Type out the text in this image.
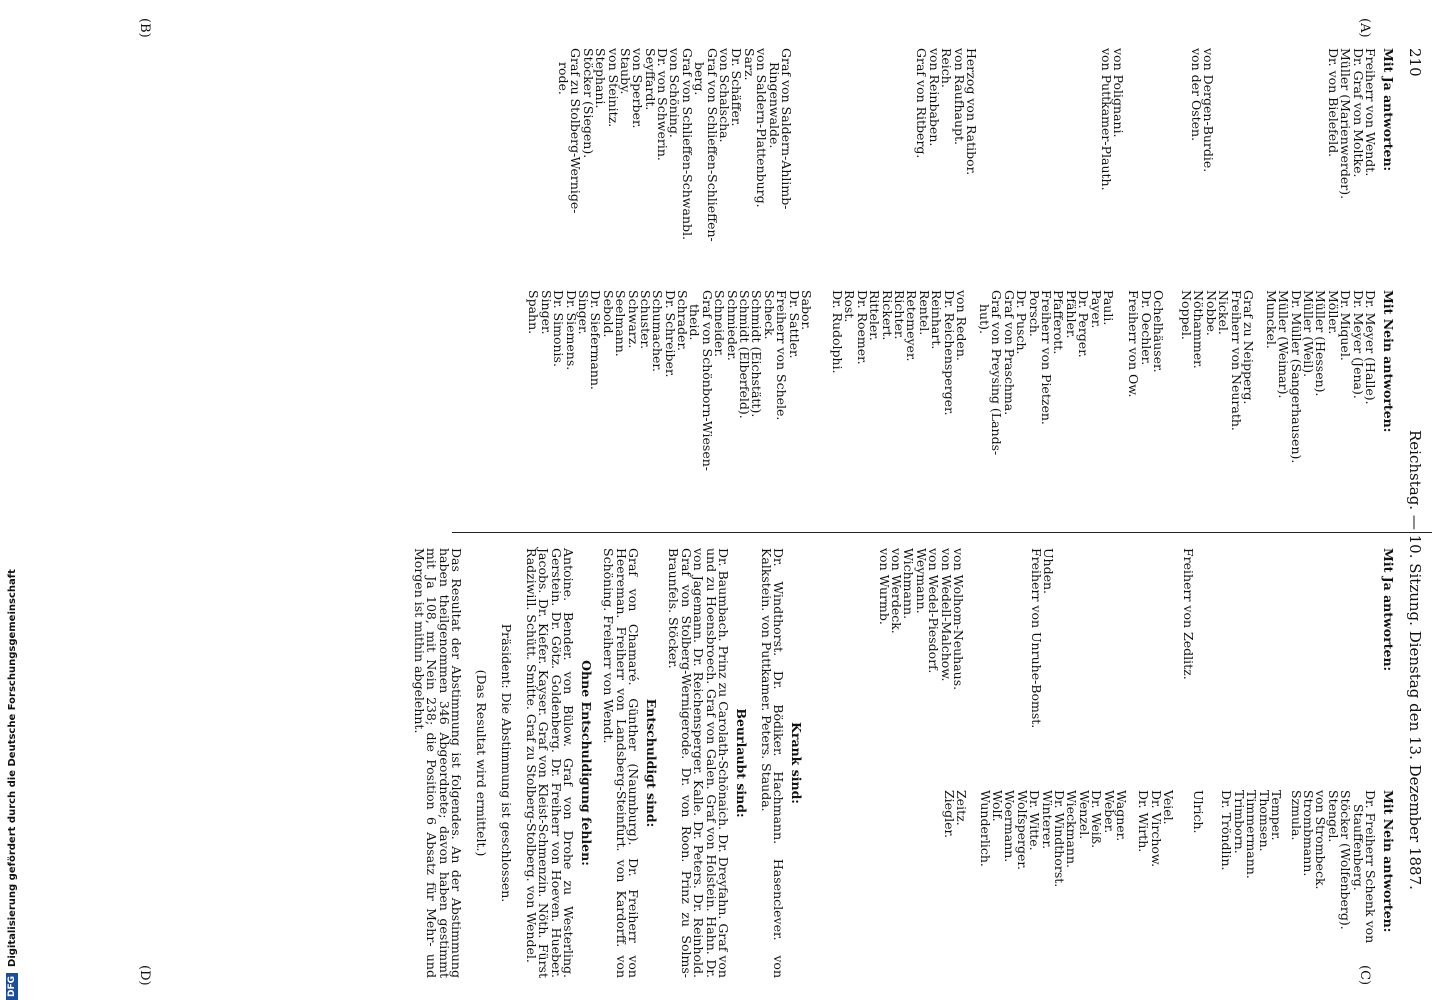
210
Reichstag. — 10. Sitzung. Dienstag den 13. Dezember 1887.
(A)
(B)
(C)
(D)
Mit Ja antworten:
Freiherr von Wendt.
Dr. Graf von Moltke.
Müller (Marienwerder).
Dr. von Bielefeld.
von Dergen-Burdie.
von der Osten.
von Polignani.
von Puttkamer-Plauth.
Herzog von Ratibor.
von Raufhaupt.
Reich.
von Reinbaben.
Graf von Ritberg.
Graf von Saldern-Ahlimb-
Ringenwalde.
von Saldern-Plattenburg.
Sarz.
Dr. Schäffer.
von Schalscha.
Graf von Schlieffen-Schlieffen-
berg.
Graf von Schlieffen-Schwanbl.
von Schöning.
Dr. von Schwerin.
Seyffardt.
von Sperber.
Stauby.
von Steinitz.
Stephani.
Stöcker (Siegen).
Graf zu Stolberg-Wernige-
rode.
Mit Nein antworten:
Dr. Meyer (Halle).
Dr. Meyer (Jena).
Dr. Miquel.
Möller.
Müller (Hessen).
Müller (Weil).
Dr. Müller (Sangerhausen).
Müller (Weimar).
Munckel.
Graf zu Neipperg.
Freiherr von Neurath.
Nickel.
Nobbe.
Nöthammer.
Noppel.
Ochelhäuser.
Dr. Oechler.
Freiherr von Ow.
Pauli.
Payer.
Dr. Perger.
Pfähler.
Pfafferott.
Freiherr von Pietzen.
Porsch.
Dr. Pusch.
Graf von Praschma.
Graf von Preysing (Lands-
hut).
von Reden.
Dr. Reichensperger.
Reinhart.
Rentel.
Retemeyer.
Richter.
Rickert.
Ritteler.
Dr. Roemer.
Rost.
Dr. Rudolphi.
Sabor.
Dr. Sattler.
Freiherr von Schele.
Scheck.
Schmidt (Eichstätt).
Schmidt (Elberfeld).
Schmieder.
Schneider.
Graf von Schönborn-Wiesen-
theid.
Schrader.
Dr. Schreiber.
Schumacher.
Schuster.
Schwarz.
Seelmann.
Sebold.
Dr. Siefermann.
Singer.
Dr. Siemens.
Dr. Simonis.
Singer.
Spahn.
Mit Ja antworten:
Freiherr von Zedlitz.
Uhden.
Freiherr von Unruhe-Bomst.
von Wolhom-Neuhaus.
von Wedell-Malchow.
von Wedel-Piesdorf.
Weymann.
Wichmann.
von Werdeck.
von Wurmb.
Krank sind:
Dr. Windthorst. Dr. Bödiker. Hachmann. Hasenclever. von Kalkstein. von Puttkamer. Peters. Stauda.
Beurlaubt sind:
Dr. Baumbach. Prinz zu Carolath-Schönaich. Dr. Dreyfahn. Graf von und zu Hoensbroech. Graf von Galen. Graf von Holstein. Hahn. Dr. von Jagemann. Dr. Reichensperger. Kalle. Dr. Peters. Dr. Reinhold. Graf von Stolberg-Wernigerode. Dr. von Roon. Prinz zu Solms-Braunfels. Stöcker.
Entschuldigt sind:
Graf von Chamaré. Günther (Naumburg). Dr. Freiherr von Heereman. Freiherr von Landsberg-Steinfurt. von Kardorff. von Schöning. Freiherr von Wendt.
Ohne Entschuldigung fehlen:
Antoine. Bender. von Bülow. Graf von Drohe zu Westerling. Gerstein. Dr. Götz. Goldenberg. Dr. Freiherr von Hoeven. Hueber. Jacobs. Dr. Kiefer. Kayser. Graf von Kleist-Schmenzin. Nöth. Fürst Radziwill. Schütt. Smitte. Graf zu Stolberg-Stolberg. von Wendel.
Präsident: Die Abstimmung ist geschlossen.
(Das Resultat wird ermittelt.)
Das Resultat der Abstimmung ist folgendes. An der Abstimmung haben theilgenommen 346 Abgeordnete; davon haben gestimmt mit Ja 108, mit Nein 238; die Position 6 Absatz für Mehr- und Morgen ist mithin abgelehnt.
Mit Nein antworten:
Dr. Freiherr Schenk von
Stauffenberg.
Stöcker (Wolfenberg).
Stengel.
von Strombeck.
Strombmann.
Szmula.
Temper.
Thomsen.
Timmermann.
Trimborn.
Dr. Tröndlin.
Ulrich.
Veiel.
Dr. Virchow.
Dr. Wirth.
Wagner.
Weber.
Dr. Weiß.
Wenzel.
Wieckmann.
Dr. Windthorst.
Winterer.
Dr. Witte.
Wolfsperger.
Woermann.
Wolf.
Wunderlich.
Zeitz.
Ziegler.
DFG
Digitalisierung gefördert durch die Deutsche Forschungsgemeinschaft
